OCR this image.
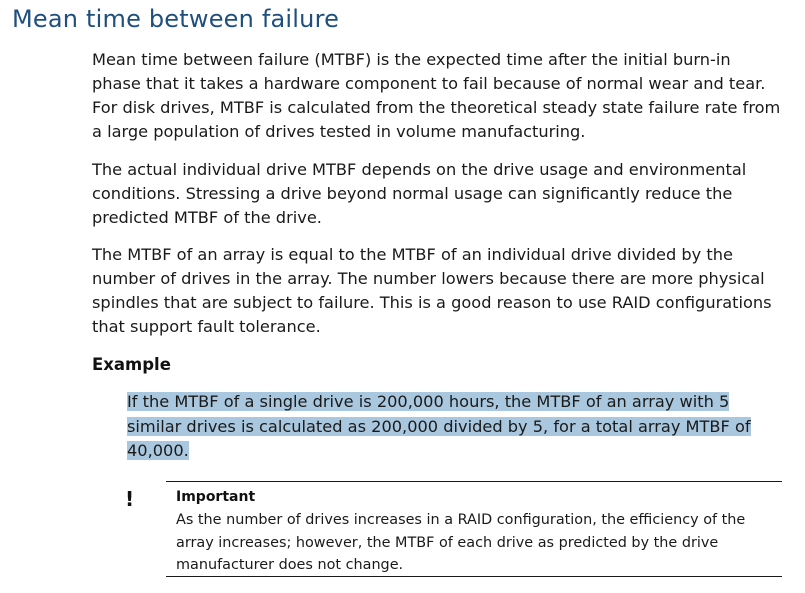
Mean time between failure

Mean time between failure (MTBF) is the expected time after the initial burn-in phase that it takes a hardware component to fail because of normal wear and tear. For disk drives, MTBF is calculated from the theoretical steady state failure rate from a large population of drives tested in volume manufacturing.

The actual individual drive MTBF depends on the drive usage and environmental conditions. Stressing a drive beyond normal usage can significantly reduce the predicted MTBF of the drive.

The MTBF of an array is equal to the MTBF of an individual drive divided by the number of drives in the array. The number lowers because there are more physical spindles that are subject to failure. This is a good reason to use RAID configurations that support fault tolerance.

Example

If the MTBF of a single drive is 200,000 hours, the MTBF of an array with 5 similar drives is calculated as 200,000 divided by 5, for a total array MTBF of 40,000.

!	Important

As the number of drives increases in a RAID configuration, the efficiency of the array increases; however, the MTBF of each drive as predicted by the drive manufacturer does not change.
